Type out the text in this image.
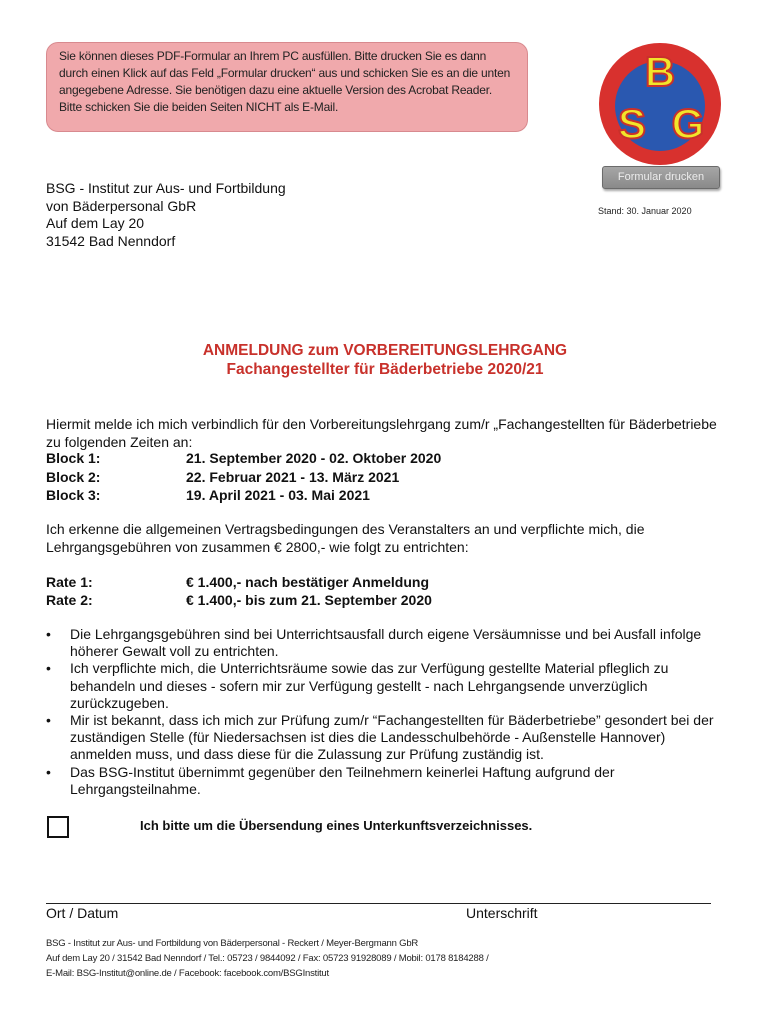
Sie können dieses PDF-Formular an Ihrem PC ausfüllen. Bitte drucken Sie es dann durch einen Klick auf das Feld „Formular drucken“ aus und schicken Sie es an die unten angegebene Adresse. Sie benötigen dazu eine aktuelle Version des Acrobat Reader. Bitte schicken Sie die beiden Seiten NICHT als E-Mail.
B
S G
Formular drucken
Stand: 30. Januar 2020
BSG - Institut zur Aus- und Fortbildung
von Bäderpersonal GbR
Auf dem Lay 20
31542 Bad Nenndorf
ANMELDUNG zum VORBEREITUNGSLEHRGANG
Fachangestellter für Bäderbetriebe 2020/21
Hiermit melde ich mich verbindlich für den Vorbereitungslehrgang zum/r „Fachangestellten für Bäderbetriebe zu folgenden Zeiten an:
Block 1:	21. September 2020 - 02. Oktober 2020
Block 2:	22. Februar 2021 - 13. März 2021
Block 3:	19. April 2021 - 03. Mai 2021
Ich erkenne die allgemeinen Vertragsbedingungen des Veranstalters an und verpflichte mich, die Lehrgangsgebühren von zusammen € 2800,- wie folgt zu entrichten:
Rate 1:	€ 1.400,- nach bestätiger Anmeldung
Rate 2:	€ 1.400,- bis zum 21. September 2020
• Die Lehrgangsgebühren sind bei Unterrichtsausfall durch eigene Versäumnisse und bei Ausfall infolge höherer Gewalt voll zu entrichten.
• Ich verpflichte mich, die Unterrichtsräume sowie das zur Verfügung gestellte Material pfleglich zu behandeln und dieses - sofern mir zur Verfügung gestellt - nach Lehrgangsende unverzüglich zurückzugeben.
• Mir ist bekannt, dass ich mich zur Prüfung zum/r “Fachangestellten für Bäderbetriebe” gesondert bei der zuständigen Stelle (für Niedersachsen ist dies die Landesschulbehörde - Außenstelle Hannover) anmelden muss, und dass diese für die Zulassung zur Prüfung zuständig ist.
• Das BSG-Institut übernimmt gegenüber den Teilnehmern keinerlei Haftung aufgrund der Lehrgangsteilnahme.
Ich bitte um die Übersendung eines Unterkunftsverzeichnisses.
Ort / Datum	Unterschrift
BSG - Institut zur Aus- und Fortbildung von Bäderpersonal - Reckert / Meyer-Bergmann GbR
Auf dem Lay 20 / 31542 Bad Nenndorf / Tel.: 05723 / 9844092 / Fax: 05723 91928089 / Mobil: 0178 8184288 /
E-Mail: BSG-Institut@online.de / Facebook: facebook.com/BSGInstitut
